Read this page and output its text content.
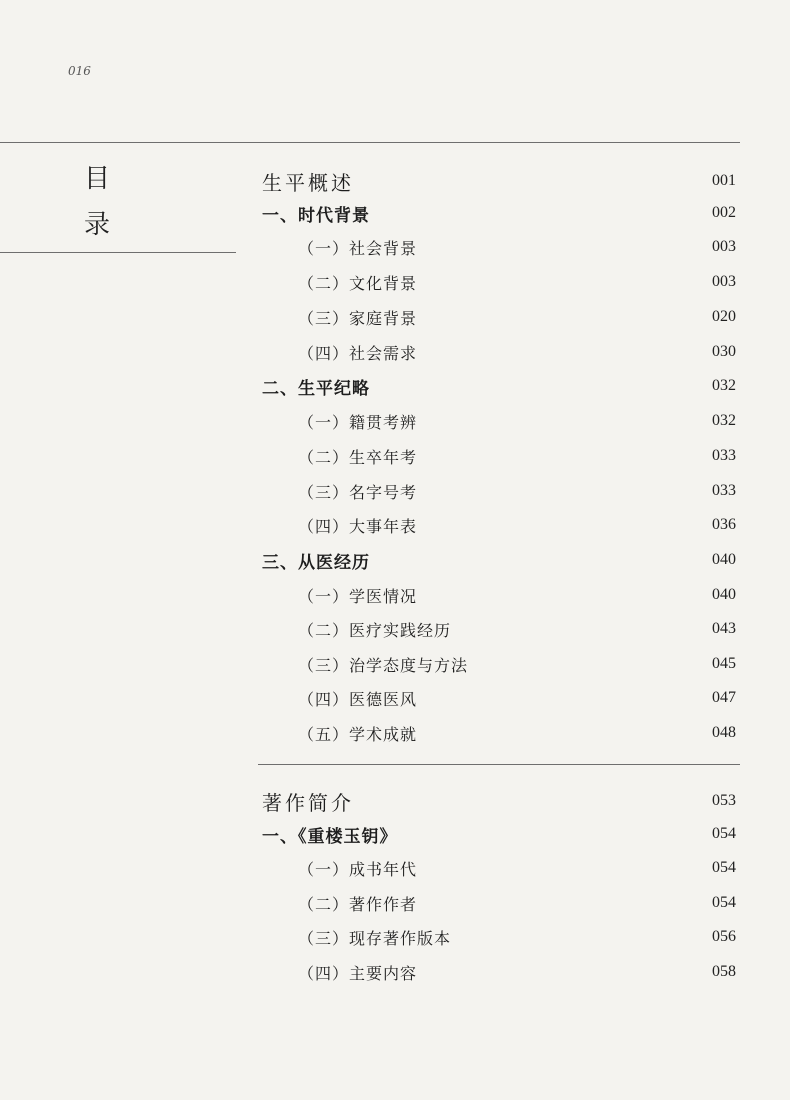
016
目
录
生平概述	001
一、时代背景	002
（一）社会背景	003
（二）文化背景	003
（三）家庭背景	020
（四）社会需求	030
二、生平纪略	032
（一）籍贯考辨	032
（二）生卒年考	033
（三）名字号考	033
（四）大事年表	036
三、从医经历	040
（一）学医情况	040
（二）医疗实践经历	043
（三）治学态度与方法	045
（四）医德医风	047
（五）学术成就	048
著作简介	053
一、《重楼玉钥》	054
（一）成书年代	054
（二）著作作者	054
（三）现存著作版本	056
（四）主要内容	058
